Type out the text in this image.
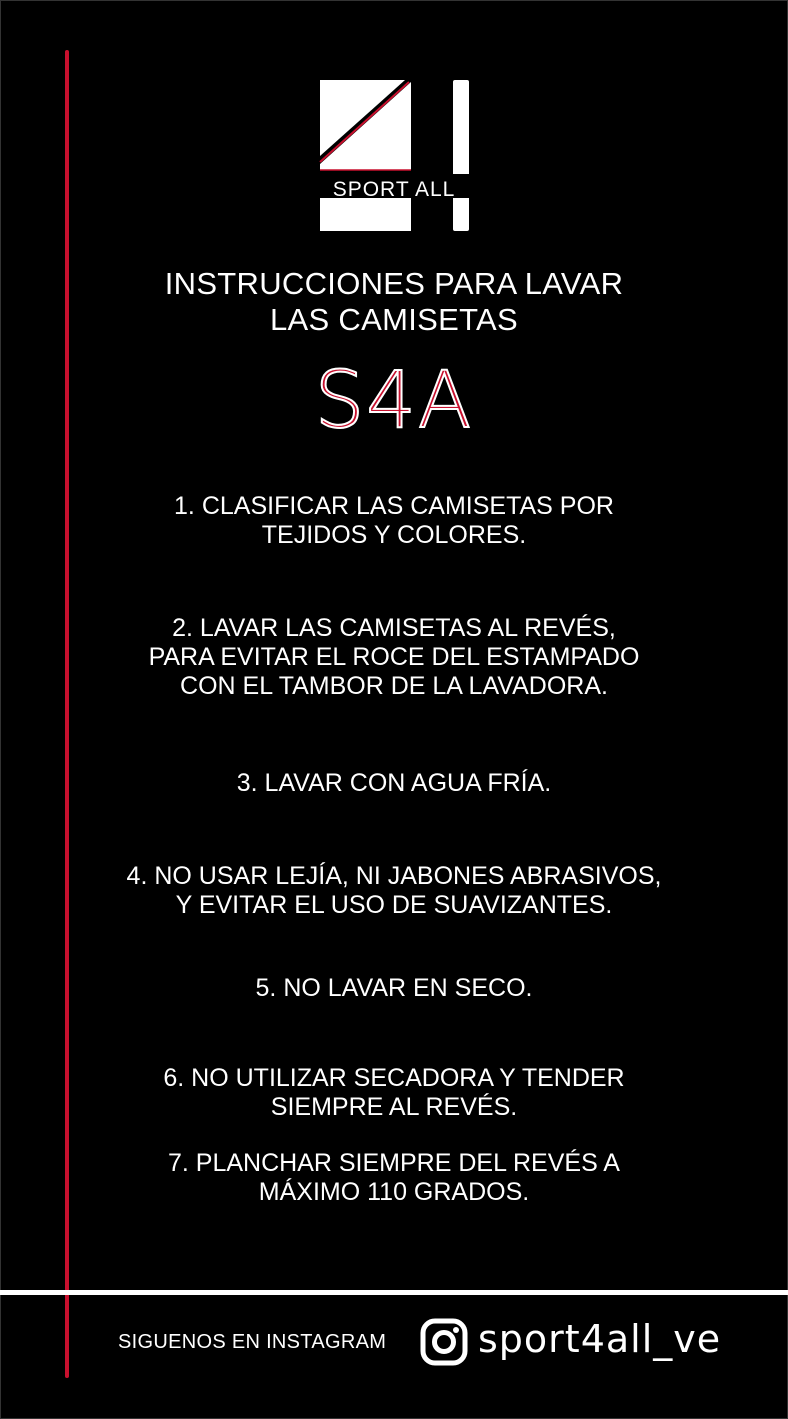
SPORT ALL
INSTRUCCIONES PARA LAVAR
LAS CAMISETAS
S4A
1. CLASIFICAR LAS CAMISETAS POR
TEJIDOS Y COLORES.
2. LAVAR LAS CAMISETAS AL REVÉS,
PARA EVITAR EL ROCE DEL ESTAMPADO
CON EL TAMBOR DE LA LAVADORA.
3. LAVAR CON AGUA FRÍA.
4. NO USAR LEJÍA, NI JABONES ABRASIVOS,
Y EVITAR EL USO DE SUAVIZANTES.
5. NO LAVAR EN SECO.
6. NO UTILIZAR SECADORA Y TENDER
SIEMPRE AL REVÉS.
7. PLANCHAR SIEMPRE DEL REVÉS A
MÁXIMO 110 GRADOS.
SIGUENOS EN INSTAGRAM sport4all_ve
